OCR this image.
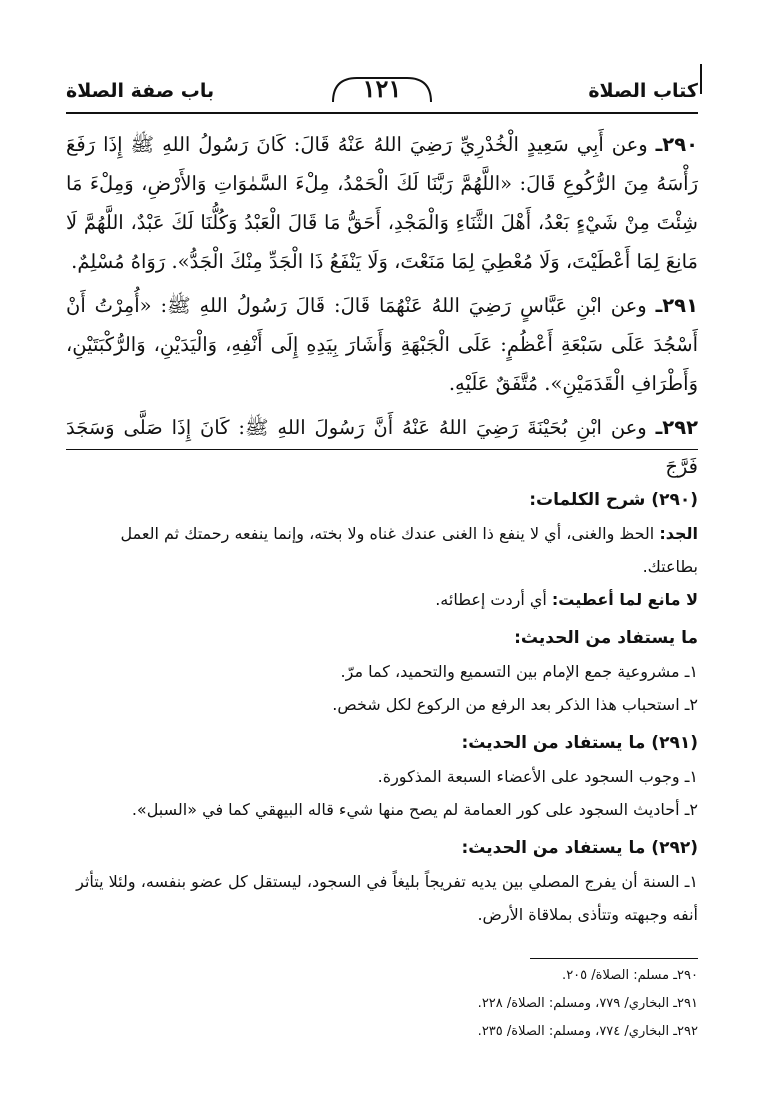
كتاب الصلاة
١٢١
باب صفة الصلاة
٢٩٠ـ وعن أَبِي سَعِيدٍ الْخُدْرِيِّ رَضِيَ اللهُ عَنْهُ قَالَ: كَانَ رَسُولُ اللهِ ﷺ إِذَا رَفَعَ رَأْسَهُ مِنَ الرُّكُوعِ قَالَ: «اللَّهُمَّ رَبَّنَا لَكَ الْحَمْدُ، مِلْءَ السَّمٰوَاتِ وَالأَرْضِ، وَمِلْءَ مَا شِئْتَ مِنْ شَيْءٍ بَعْدُ، أَهْلَ الثَّنَاءِ وَالْمَجْدِ، أَحَقُّ مَا قَالَ الْعَبْدُ وَكُلُّنَا لَكَ عَبْدٌ، اللَّهُمَّ لَا مَانِعَ لِمَا أَعْطَيْتَ، وَلَا مُعْطِيَ لِمَا مَنَعْتَ، وَلَا يَنْفَعُ ذَا الْجَدِّ مِنْكَ الْجَدُّ». رَوَاهُ مُسْلِمٌ.
٢٩١ـ وعن ابْنِ عَبَّاسٍ رَضِيَ اللهُ عَنْهُمَا قَالَ: قَالَ رَسُولُ اللهِ ﷺ: «أُمِرْتُ أَنْ أَسْجُدَ عَلَى سَبْعَةِ أَعْظُمٍ: عَلَى الْجَبْهَةِ وَأَشَارَ بِيَدِهِ إِلَى أَنْفِهِ، وَالْيَدَيْنِ، وَالرُّكْبَتَيْنِ، وَأَطْرَافِ الْقَدَمَيْنِ». مُتَّفَقٌ عَلَيْهِ.
٢٩٢ـ وعن ابْنِ بُحَيْنَةَ رَضِيَ اللهُ عَنْهُ أَنَّ رَسُولَ اللهِ ﷺ: كَانَ إِذَا صَلَّى وَسَجَدَ فَرَّجَ

(٢٩٠) شرح الكلمات:

الجد: الحظ والغنى، أي لا ينفع ذا الغنى عندك غناه ولا بخته، وإنما ينفعه رحمتك ثم العمل بطاعتك.

لا مانع لما أعطيت: أي أردت إعطائه.

ما يستفاد من الحديث:

١ـ مشروعية جمع الإمام بين التسميع والتحميد، كما مرّ.

٢ـ استحباب هذا الذكر بعد الرفع من الركوع لكل شخص.

(٢٩١) ما يستفاد من الحديث:

١ـ وجوب السجود على الأعضاء السبعة المذكورة.

٢ـ أحاديث السجود على كور العمامة لم يصح منها شيء قاله البيهقي كما في «السبل».

(٢٩٢) ما يستفاد من الحديث:

١ـ السنة أن يفرج المصلي بين يديه تفريجاً بليغاً في السجود، ليستقل كل عضو بنفسه، ولئلا يتأثر أنفه وجبهته وتتأذى بملاقاة الأرض.

٢٩٠ـ مسلم: الصلاة/ ٢٠٥.

٢٩١ـ البخاري/ ٧٧٩، ومسلم: الصلاة/ ٢٢٨.

٢٩٢ـ البخاري/ ٧٧٤، ومسلم: الصلاة/ ٢٣٥.
